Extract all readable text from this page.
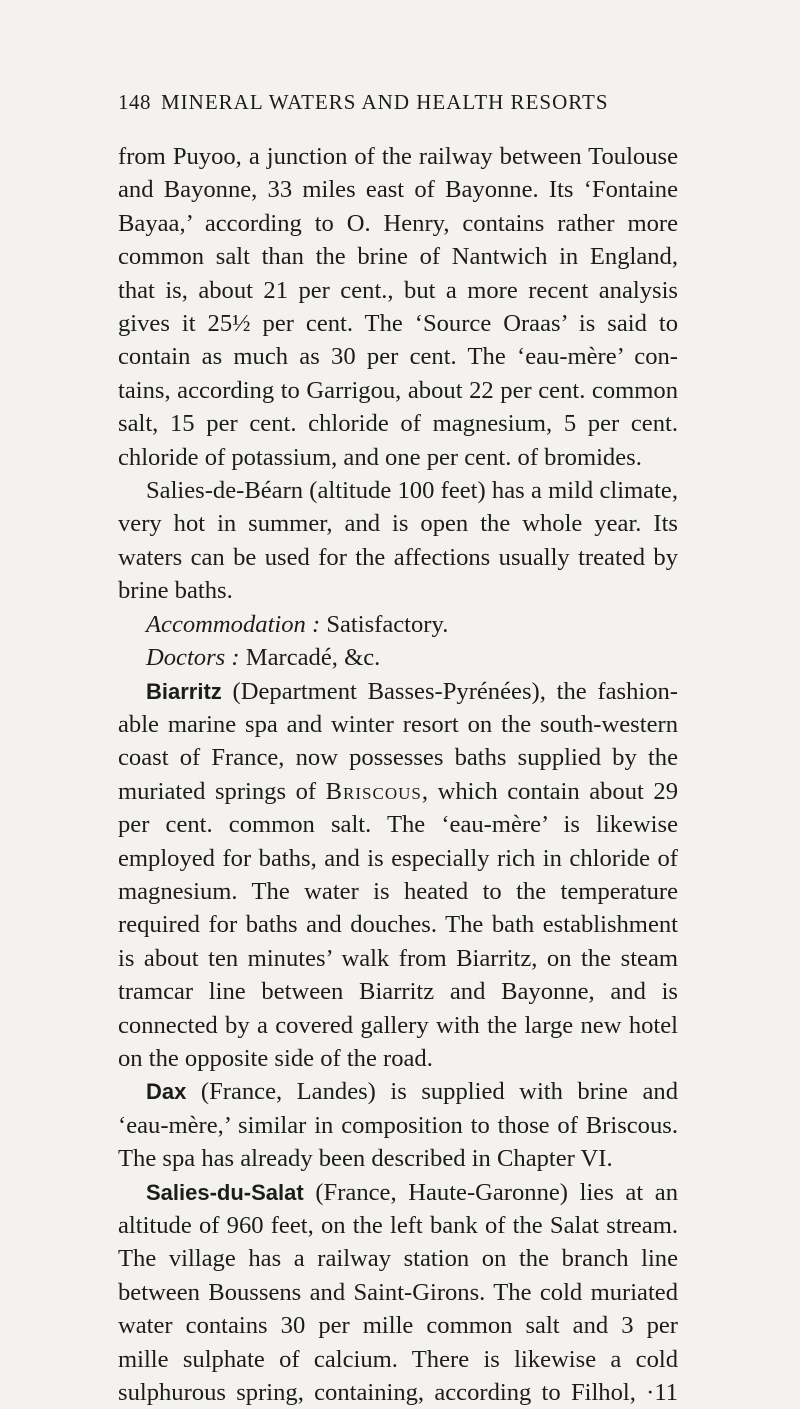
148 MINERAL WATERS AND HEALTH RESORTS
from Puyoo, a junction of the railway between Toulouse
and Bayonne, 33 miles east of Bayonne. Its ‘Fontaine
Bayaa,’ according to O. Henry, contains rather more
common salt than the brine of Nantwich in England,
that is, about 21 per cent., but a more recent analysis
gives it 25½ per cent. The ‘Source Oraas’ is said to
contain as much as 30 per cent. The ‘eau-mère’ con-
tains, according to Garrigou, about 22 per cent. common
salt, 15 per cent. chloride of magnesium, 5 per cent.
chloride of potassium, and one per cent. of bromides.
Salies-de-Béarn (altitude 100 feet) has a mild climate,
very hot in summer, and is open the whole year. Its
waters can be used for the affections usually treated by
brine baths.
Accommodation : Satisfactory.
Doctors : Marcadé, &c.
Biarritz (Department Basses-Pyrénées), the fashion-
able marine spa and winter resort on the south-western
coast of France, now possesses baths supplied by the
muriated springs of Briscous, which contain about 29
per cent. common salt. The ‘eau-mère’ is likewise
employed for baths, and is especially rich in chloride of
magnesium. The water is heated to the temperature
required for baths and douches. The bath establishment
is about ten minutes’ walk from Biarritz, on the steam
tramcar line between Biarritz and Bayonne, and is
connected by a covered gallery with the large new hotel
on the opposite side of the road.
Dax (France, Landes) is supplied with brine and
‘eau-mère,’ similar in composition to those of Briscous.
The spa has already been described in Chapter VI.
Salies-du-Salat (France, Haute-Garonne) lies at an
altitude of 960 feet, on the left bank of the Salat stream.
The village has a railway station on the branch line
between Boussens and Saint-Girons. The cold muriated
water contains 30 per mille common salt and 3 per
mille sulphate of calcium. There is likewise a cold
sulphurous spring, containing, according to Filhol, ·11
